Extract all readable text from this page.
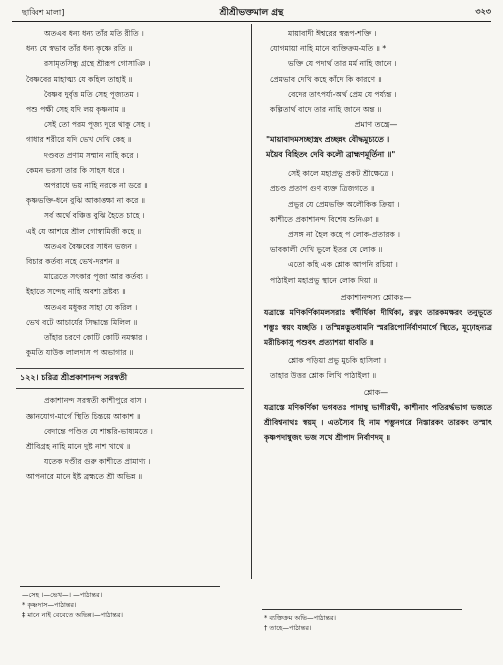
ছাব্বিশ মালা]	শ্রীশ্রীভক্তমাল গ্রন্থ	৩২৩
অতএব ধন্য ধন্য তাঁর মতি রীতি ।
ধন্য যে স্বভাব তাঁর ধন্য কৃষ্ণে রতি ॥
রসামৃতসিন্ধু গ্রন্থে শ্রীরূপ গোসাঞি ।
বৈষ্ণবের মাহাত্ম্য যে কহিল তাহাই ॥
বৈষ্ণব দুর্বৃত্ত মতি সেহ পূজ্যতম ।
পশু পক্ষী সেহ যদি লয় কৃষ্ণনাম ॥
সেই তো পরম পূজ্য দূরে থাকু সেহ ।
গাধার শরীরে যদি ভেখ দেখি কেহ ॥
দণ্ডবত প্রণাম সম্মান নাহি করে ।
কেমন ভরসা তার কি সাহস ধরে ।
অপরাধে ভয় নাহি নরকে না ডরে ॥
কৃষ্ণভক্তি-ধনে বুঝি আকাঙ্ক্ষা না করে ॥
সর্ব অর্থে বঞ্চিত্ত বুঝি হৈতে চাহে ।
এই যে আশয়ে শ্রীল গোস্বামিজী কহে ॥
অতএব বৈষ্ণবের সাধন ভজন ।
বিচার কর্তব্য নহে ভেখ-দরশন ॥
মাত্রেতে সৎকার পূজা আর কর্তব্য ।
ইহাতে সন্দেহ নাহি অবশ্য দ্রষ্টব্য ॥
অতএব মধুকর সাহা যে করিল ।
ভেখ বটে আচার্যের সিদ্ধান্তে মিলিল ॥
তাঁহার চরণে কোটি কোটি নমস্কার ।
কুমতি যাউক লালদাস প অভাগার ॥
১২২। চরিত্র শ্রীপ্রকাশানন্দ সরস্বতী
প্রকাশানন্দ সরস্বতী কাশীপুরে বাস ।
জ্ঞানযোগ-মার্গে স্থিতি চিন্তয়ে আকাশ ॥
বেদান্তে পণ্ডিত যে শাঙ্করি-ভাষ্যমতে ।
শ্রীবিগ্রহ নাহি মানে দুষ্ট নাশ খাথে ॥
যতেক দণ্ডীর গুরু কাশীতে প্রামাণ্য ।
আপনারে মানে ইষ্ট ব্রহ্মতে শ্রী অভিন্ন ॥
মায়াবাদী ঈশ্বরের স্বরূপ-শক্তি ।
যোগমায়া নাহি মানে ব্যক্তিক্রম-মতি ॥ *
ভক্তি যে পদার্থ তার মর্ম নাহি জানে ।
প্রেমভাব দেখি কহে কাঁদে কি কারণে ॥
বেদের তাৎপর্য্য-অর্থ প্রেম যে পর্য্যন্ত ।
কল্পিতার্থ বাদে তার নাহি জানে অন্ত ॥
প্রমাণ তন্ত্রে—
"মায়াবাদমসচ্ছাস্ত্রং প্রচ্ছন্নং বৌদ্ধমুচ্যতে ।
ময়ৈব বিহিতং দেবি কলৌ ব্রাহ্মণমূর্তিনা ॥"
সেই কালে মহাপ্রভু প্রকট শ্রীক্ষেত্রে ।
প্রচণ্ড প্রতাপ গুণ ব্যক্ত ত্রিজগতে ॥
প্রভুর যে প্রেমভক্তি অলৌকিক ক্রিয়া ।
কাশীতে প্রকাশানন্দ বিশেষ শুনিঞা ॥
প্রসঙ্গ না হৈল কহে প লোক-প্রতারক ।
ভাবকালী দেখি ভুলে ইতর যে লোক ॥
এতো কহি এক শ্লোক আপনি রচিয়া ।
পাঠাইলা মহাপ্রভু স্থানে লোক দিয়া ॥
প্রকাশানন্দস্য শ্লোকঃ—
যত্রাস্তে মণিকর্ণিকামলসরাঃ স্বর্দীর্ঘিকা দীর্ঘিকা, রত্নং তারকমক্ষরং তনুভূতে শম্ভুঃ স্বয়ং যচ্ছতি । তস্মিন্নদ্ভুতধামনি স্মররিপোর্নির্বাণমার্গে স্থিতে, মূঢ়োহন্যত্র মরীচিকাসু পশুবৎ প্রত্যাশয়া ধাবতি ॥
শ্লোক পড়িয়া প্রভু মুচকি হাসিলা ।
তাহার উত্তর শ্লোক লিখি পাঠাইলা ॥
শ্লোক—
যত্রাস্তে মণিকর্ণিকা ভগবতঃ পাদাম্বু ভাগীরথী, কাশীনাং পতিরর্দ্ধভাগ ভজতে শ্রীবিশ্বনাথঃ স্বয়ম্ । এতস্যৈব হি নাম শম্ভুনগরে নিস্তারকং তারকং তস্মাৎ কৃষ্ণপদাম্বুজং ভজ সখে শ্রীপাদ নির্বাণদম্ ॥
—সেহ ।—ভেখ—। —পাঠান্তর।
* কৃষ্ণদাস—পাঠান্তর।
‡ মানে নাই বেবেতে অভিন্ন।—পাঠান্তর।	* ব্যক্তিক্রম অভি—পাঠান্তর।
† তাহে—পাঠান্তর।
